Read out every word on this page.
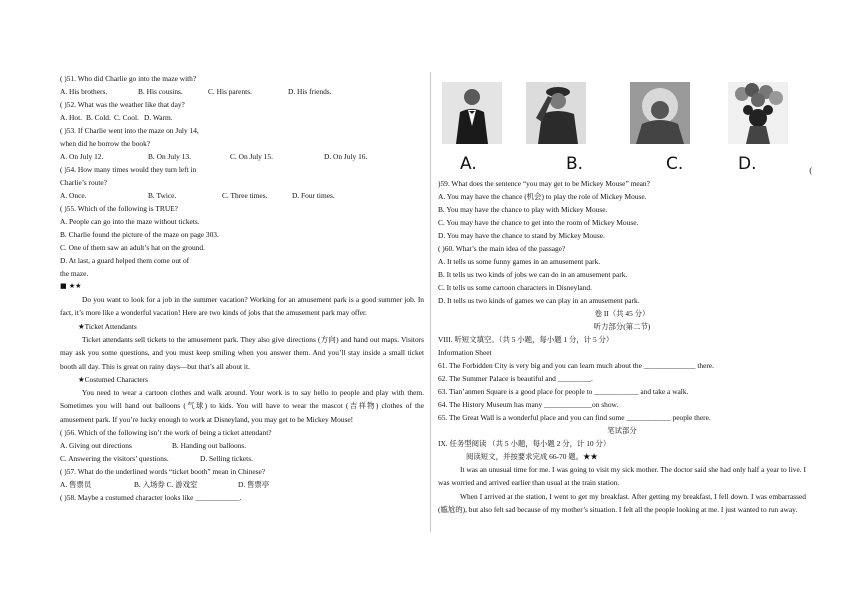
( )51. Who did Charlie go into the maze with?
A. His brothers.	B. His cousins.	C. His parents.	D. His friends.
( )52. What was the weather like that day?
A. Hot. B. Cold. C. Cool. D. Warm.
( )53. If Charlie went into the maze on July 14,
when did he borrow the book?
A. On July 12.	B. On July 13.	C. On July 15.	D. On July 16.
( )54. How many times would they turn left in
Charlie’s route?
A. Once.	B. Twice.	C. Three times.	D. Four times.
( )55. Which of the following is TRUE?
A. People can go into the maze without tickets.
B. Charlie found the picture of the maze on page 303.
C. One of them saw an adult’s hat on the ground.
D. At last, a guard helped them come out of
the maze.
■ ★★
Do you want to look for a job in the summer vacation? Working for an amusement park is a good summer job. In fact, it’s more like a wonderful vacation! Here are two kinds of jobs that the amusement park may offer.
★Ticket Attendants
Ticket attendants sell tickets to the amusement park. They also give directions (方向) and hand out maps. Visitors may ask you some questions, and you must keep smiling when you answer them. And you’ll stay inside a small ticket booth all day. This is great on rainy days—but that’s all about it.
★Costumed Characters
You need to wear a cartoon clothes and walk around. Your work is to say hello to people and play with them. Sometimes you will hand out balloons (气球) to kids. You will have to wear the mascot (吉祥物) clothes of the amusement park. If you’re lucky enough to work at Disneyland, you may get to be Mickey Mouse!
( )56. Which of the following isn’t the work of being a ticket attendant?
A. Giving out directions	B. Handing out balloons.
C. Answering the visitors’ questions.	D. Selling tickets.
( )57. What do the underlined words “ticket booth” mean in Chinese?
A. 售票员	B. 入场券 C. 游戏室	D. 售票亭
( )58. Maybe a costumed character looks like ____________.
A.	B.	C.	D.	(
)59. What does the sentence “you may get to be Mickey Mouse” mean?
A. You may have the chance (机会) to play the role of Mickey Mouse.
B. You may have the chance to play with Mickey Mouse.
C. You may have the chance to get into the room of Mickey Mouse.
D. You may have the chance to stand by Mickey Mouse.
( )60. What’s the main idea of the passage?
A. It tells us some funny games in an amusement park.
B. It tells us two kinds of jobs we can do in an amusement park.
C. It tells us some cartoon characters in Disneyland.
D. It tells us two kinds of games we can play in an amusement park.
卷 II（共 45 分）
听力部分(第二节)
VIII. 听短文填空。（共 5 小题，每小题 1 分，计 5 分）
Information Sheet
61. The Forbidden City is very big and you can learn much about the ______________ there.
62. The Summer Palace is beautiful and _________.
63. Tian’anmen Square is a good place for people to ____________ and take a walk.
64. The History Museum has many _____________on show.
65. The Great Wall is a wonderful place and you can find some ____________ people there.
笔试部分
IX. 任务型阅读 （共 5 小题，每小题 2 分，计 10 分）
阅读短文，并按要求完成 66-70 题。★★
It was an unusual time for me. I was going to visit my sick mother. The doctor said she had only half a year to live. I was worried and arrived earlier than usual at the train station.
When I arrived at the station, I went to get my breakfast. After getting my breakfast, I fell down. I was embarrassed (尴尬的), but also felt sad because of my mother’s situation. I felt all the people looking at me. I just wanted to run away.
